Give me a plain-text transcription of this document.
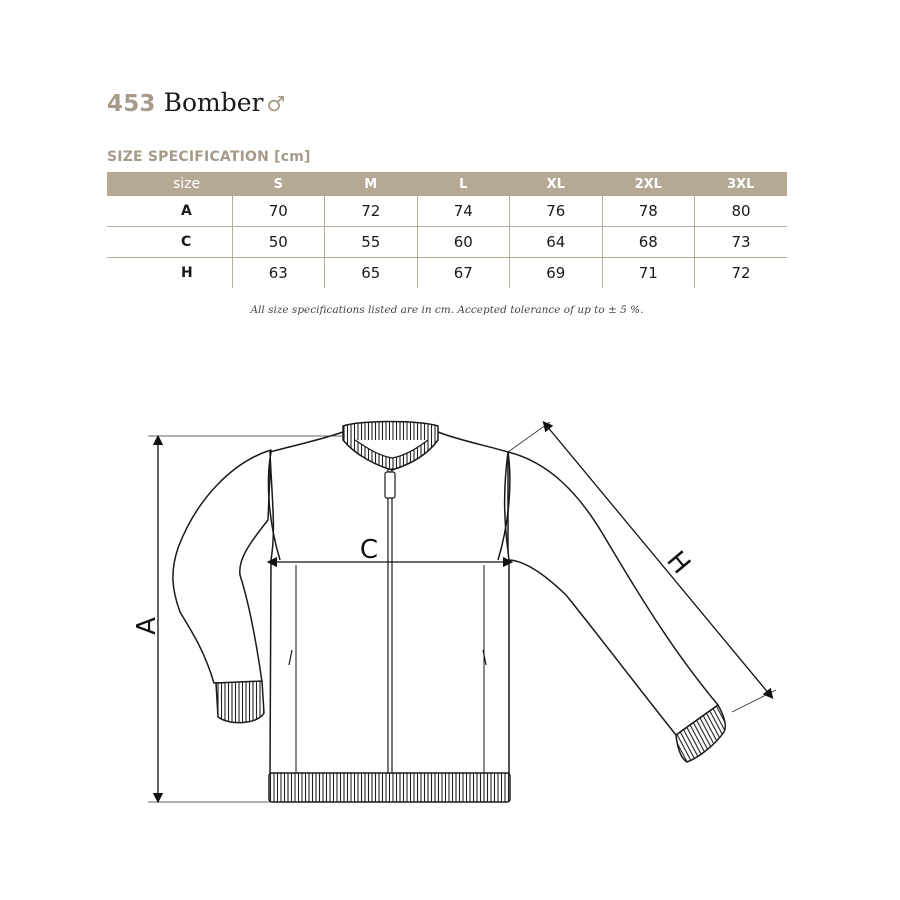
453 Bomber ♂
SIZE SPECIFICATION [cm]
size	S	M	L	XL	2XL	3XL
A	70	72	74	76	78	80
C	50	55	60	64	68	73
H	63	65	67	69	71	72
All size specifications listed are in cm. Accepted tolerance of up to ± 5 %.
A
C	H
